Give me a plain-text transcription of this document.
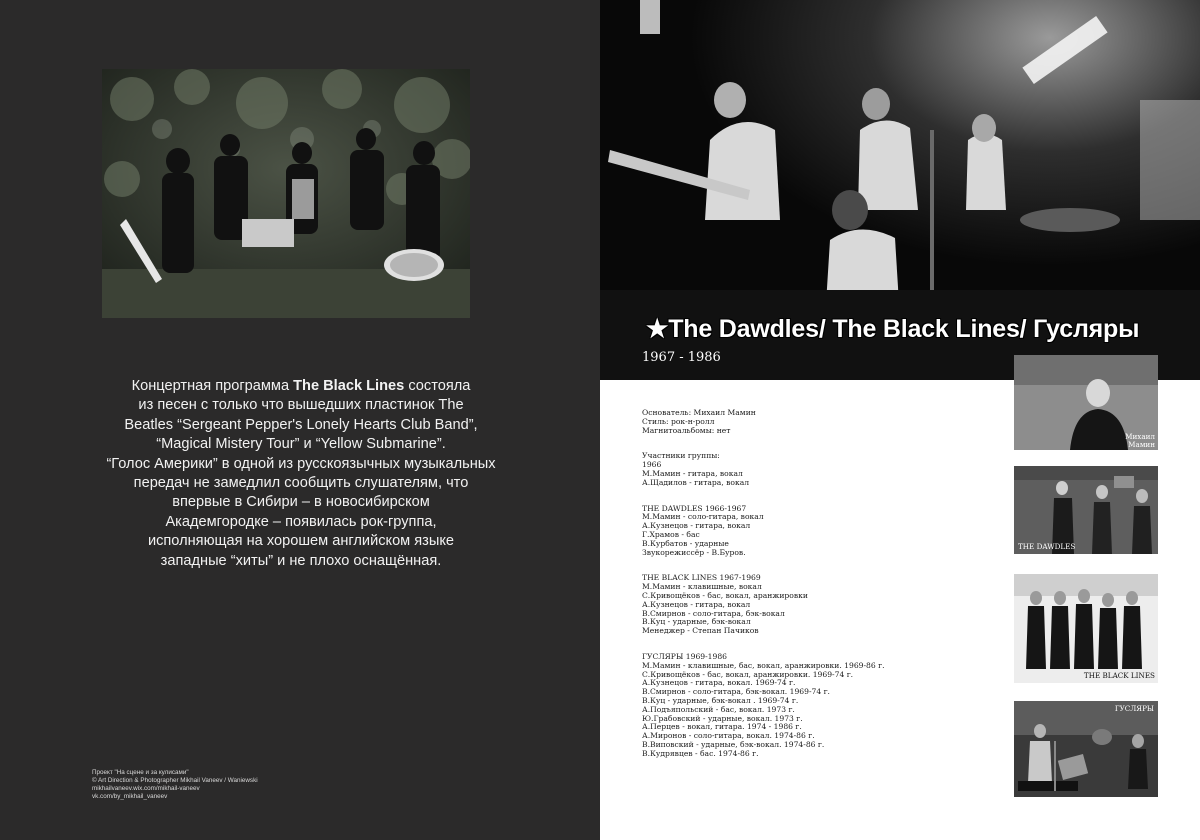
Концертная программа The Black Lines состояла
из песен с только что вышедших пластинок The
Beatles “Sergeant Pepper's Lonely Hearts Club Band”,
“Magical Mistery Tour” и “Yellow Submarine”.
“Голос Америки” в одной из русскоязычных музыкальных
передач не замедлил сообщить слушателям, что
впервые в Сибири – в новосибирском
Академгородке – появилась рок-группа,
исполняющая на хорошем английском языке
западные “хиты” и не плохо оснащённая.
Проект "На сцене и за кулисами"
© Art Direction & Photographer Mikhail Vaneev / Waniewski
mikhailvaneev.wix.com/mikhail-vaneev
vk.com/by_mikhail_vaneev
★The Dawdles/ The Black Lines/ Гусляры
1967 - 1986
Основатель: Михаил Мамин
Стиль: рок-н-ролл
Магнитоальбомы: нет
Участники группы:
1966
М.Мамин - гитара, вокал
А.Щадилов - гитара, вокал
THE DAWDLES 1966-1967
М.Мамин - соло-гитара, вокал
А.Кузнецов - гитара, вокал
Г.Храмов - бас
В.Курбатов - ударные
Звукорежиссёр - В.Буров.
THE BLACK LINES 1967-1969
М.Мамин - клавишные, вокал
С.Кривощёков - бас, вокал, аранжировки
А.Кузнецов - гитара, вокал
В.Смирнов - соло-гитара, бэк-вокал
В.Куц - ударные, бэк-вокал
Менеджер - Степан Пачиков
ГУСЛЯРЫ 1969-1986
М.Мамин - клавишные, бас, вокал, аранжировки. 1969-86 г.
С.Кривощёков - бас, вокал, аранжировки. 1969-74 г.
А.Кузнецов - гитара, вокал. 1969-74 г.
В.Смирнов - соло-гитара, бэк-вокал. 1969-74 г.
В.Куц - ударные, бэк-вокал . 1969-74 г.
А.Подъяпольский - бас, вокал. 1973 г.
Ю.Грабовский - ударные, вокал. 1973 г.
А.Перцев - вокал, гитара. 1974 - 1986 г.
А.Миронов - соло-гитара, вокал. 1974-86 г.
В.Виповский - ударные, бэк-вокал. 1974-86 г.
В.Кудрявцев - бас. 1974-86 г.
Михаил
Мамин
THE DAWDLES
THE BLACK LINES
ГУСЛЯРЫ
